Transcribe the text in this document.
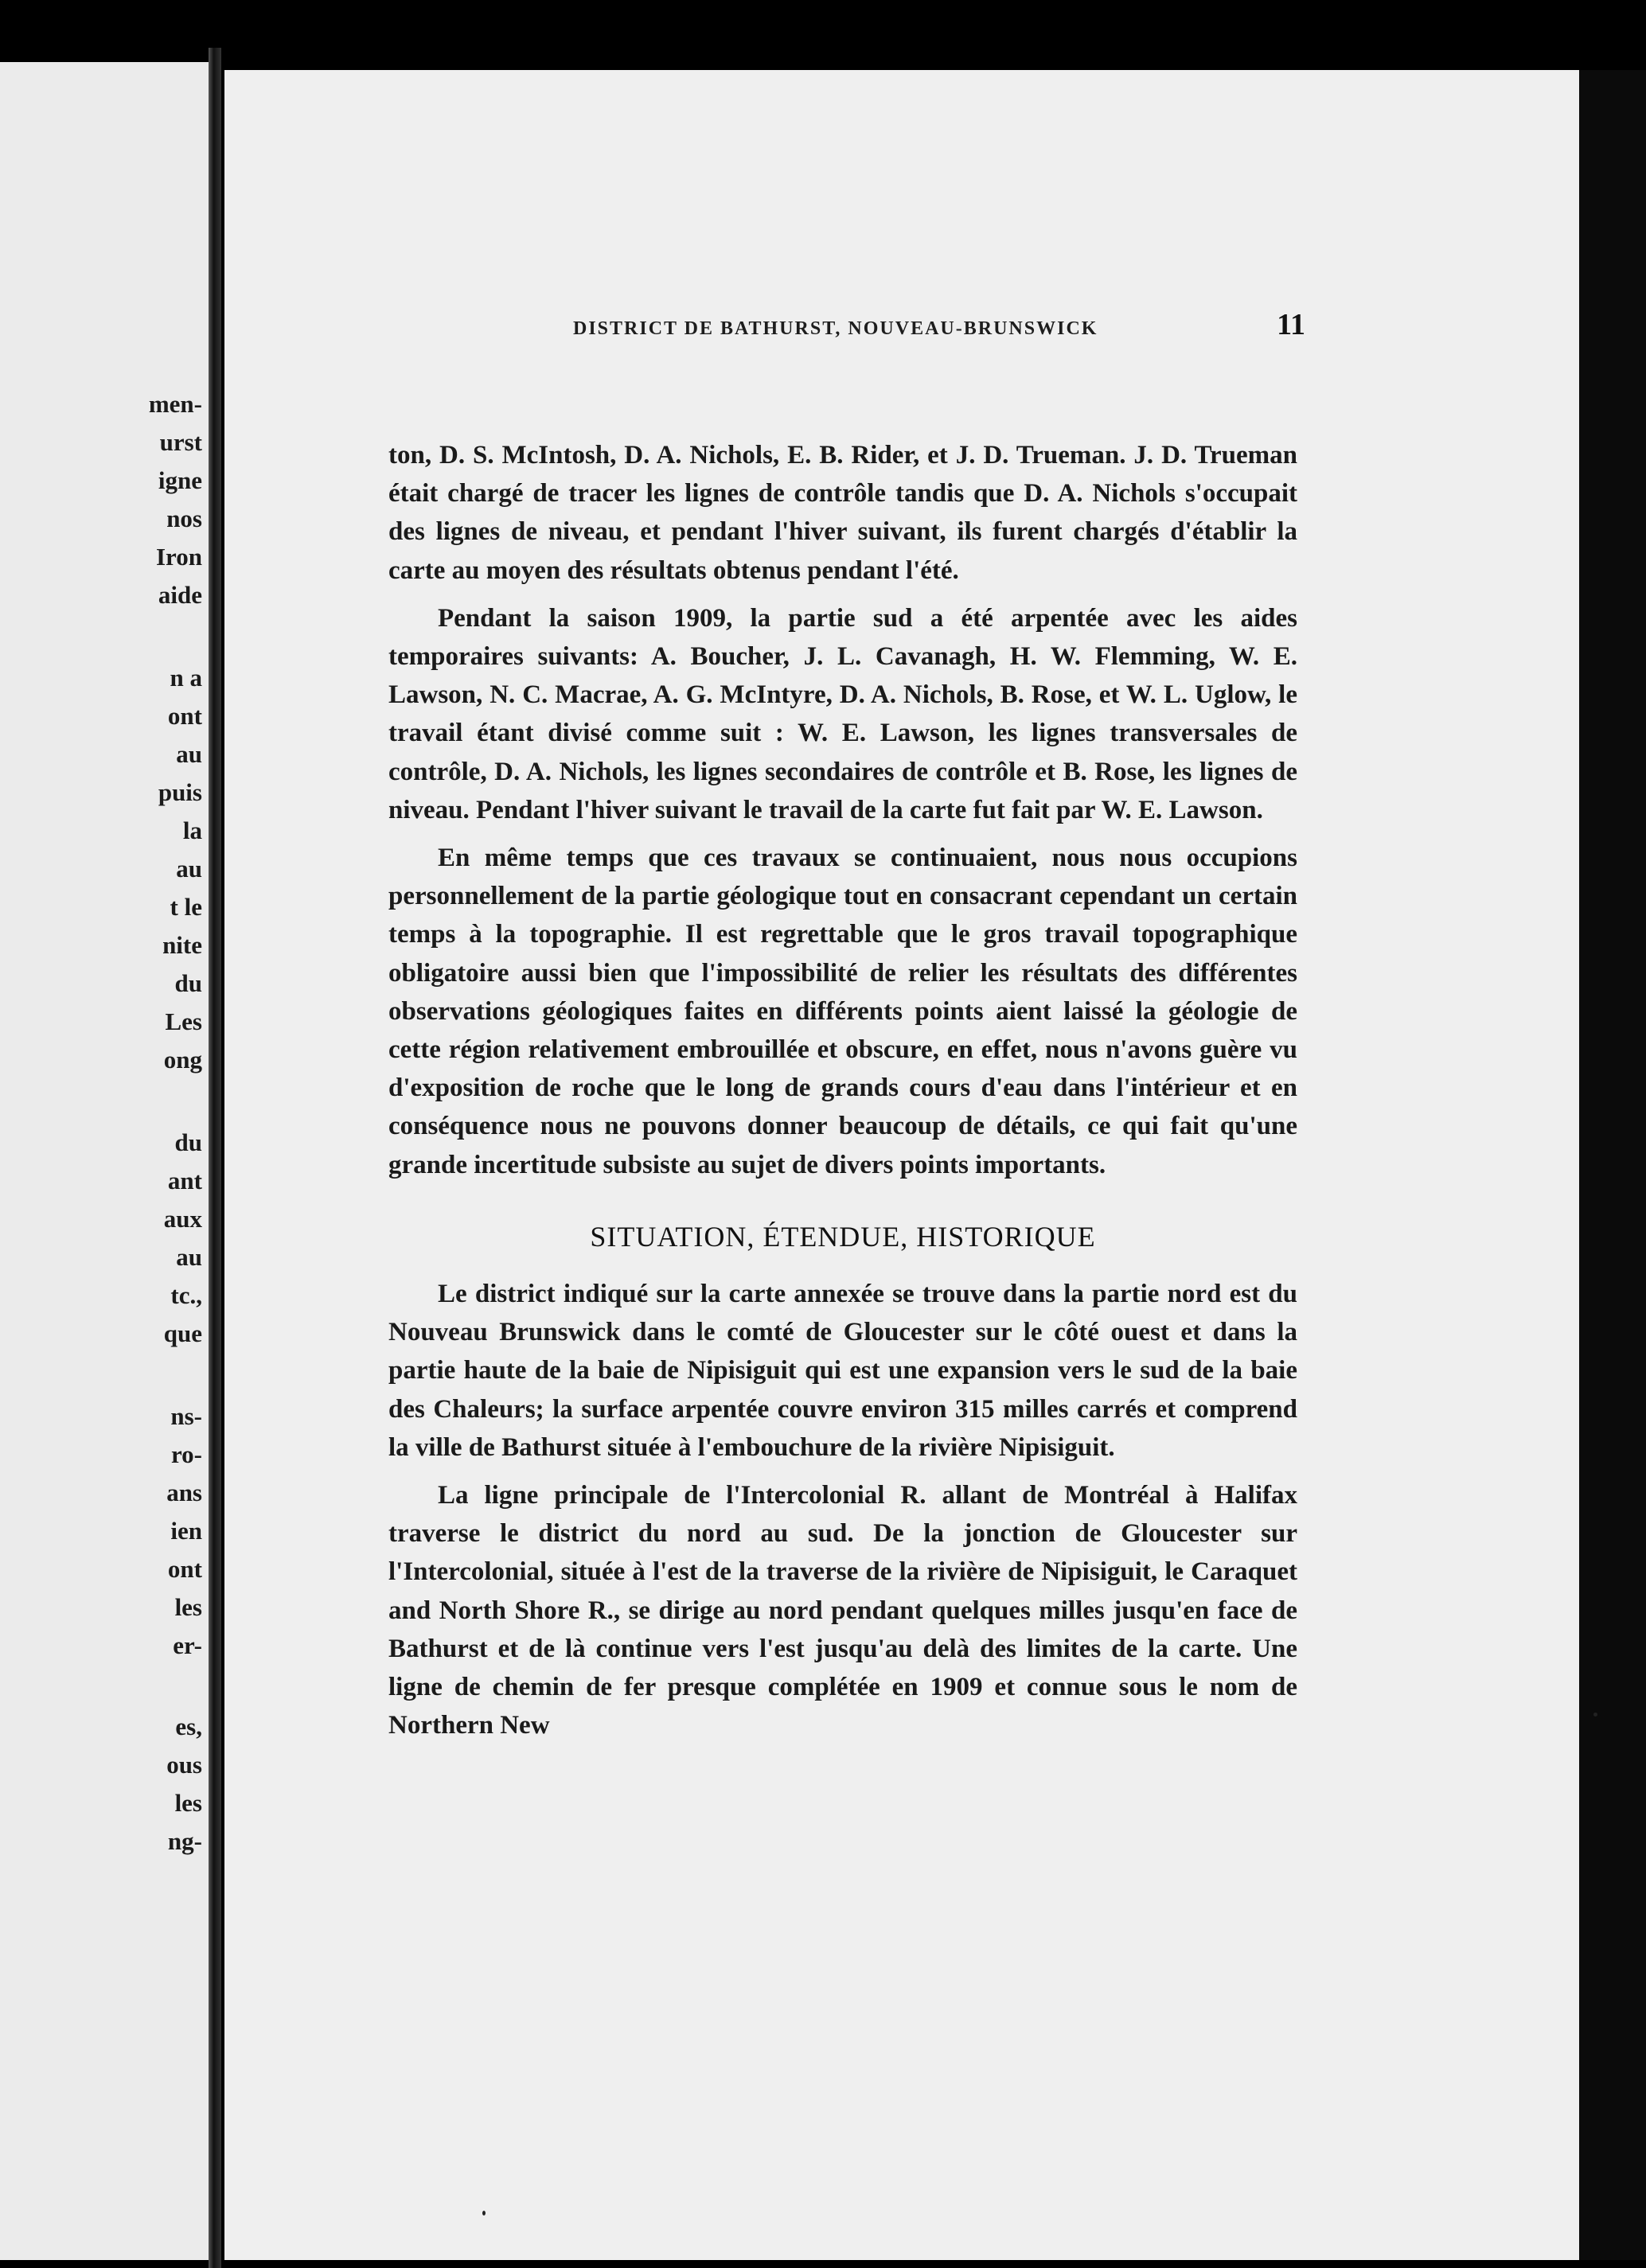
men-
urst
igne
nos
Iron
aide
n a
ont
au
puis
la
au
t le
nite
du
Les
ong
du
ant
aux
au
tc.,
que
ns-
ro-
ans
ien
ont
les
er-
es,
ous
les
ng-
DISTRICT DE BATHURST, NOUVEAU-BRUNSWICK	11

ton, D. S. McIntosh, D. A. Nichols, E. B. Rider, et J. D. Trueman. J. D. Trueman était chargé de tracer les lignes de contrôle tandis que D. A. Nichols s'occupait des lignes de niveau, et pendant l'hiver suivant, ils furent chargés d'établir la carte au moyen des résultats obtenus pendant l'été.

Pendant la saison 1909, la partie sud a été arpentée avec les aides temporaires suivants: A. Boucher, J. L. Cavanagh, H. W. Flemming, W. E. Lawson, N. C. Macrae, A. G. McIntyre, D. A. Nichols, B. Rose, et W. L. Uglow, le travail étant divisé comme suit : W. E. Lawson, les lignes transversales de contrôle, D. A. Nichols, les lignes secondaires de contrôle et B. Rose, les lignes de niveau. Pendant l'hiver suivant le travail de la carte fut fait par W. E. Lawson.

En même temps que ces travaux se continuaient, nous nous occupions personnellement de la partie géologique tout en consacrant cependant un certain temps à la topographie. Il est regrettable que le gros travail topographique obligatoire aussi bien que l'impossibilité de relier les résultats des différentes observations géologiques faites en différents points aient laissé la géologie de cette région relativement embrouillée et obscure, en effet, nous n'avons guère vu d'exposition de roche que le long de grands cours d'eau dans l'intérieur et en conséquence nous ne pouvons donner beaucoup de détails, ce qui fait qu'une grande incertitude subsiste au sujet de divers points importants.

SITUATION, ÉTENDUE, HISTORIQUE

Le district indiqué sur la carte annexée se trouve dans la partie nord est du Nouveau Brunswick dans le comté de Gloucester sur le côté ouest et dans la partie haute de la baie de Nipisiguit qui est une expansion vers le sud de la baie des Chaleurs; la surface arpentée couvre environ 315 milles carrés et comprend la ville de Bathurst située à l'embouchure de la rivière Nipisiguit.

La ligne principale de l'Intercolonial R. allant de Montréal à Halifax traverse le district du nord au sud. De la jonction de Gloucester sur l'Intercolonial, située à l'est de la traverse de la rivière de Nipisiguit, le Caraquet and North Shore R., se dirige au nord pendant quelques milles jusqu'en face de Bathurst et de là continue vers l'est jusqu'au delà des limites de la carte. Une ligne de chemin de fer presque complétée en 1909 et connue sous le nom de Northern New
